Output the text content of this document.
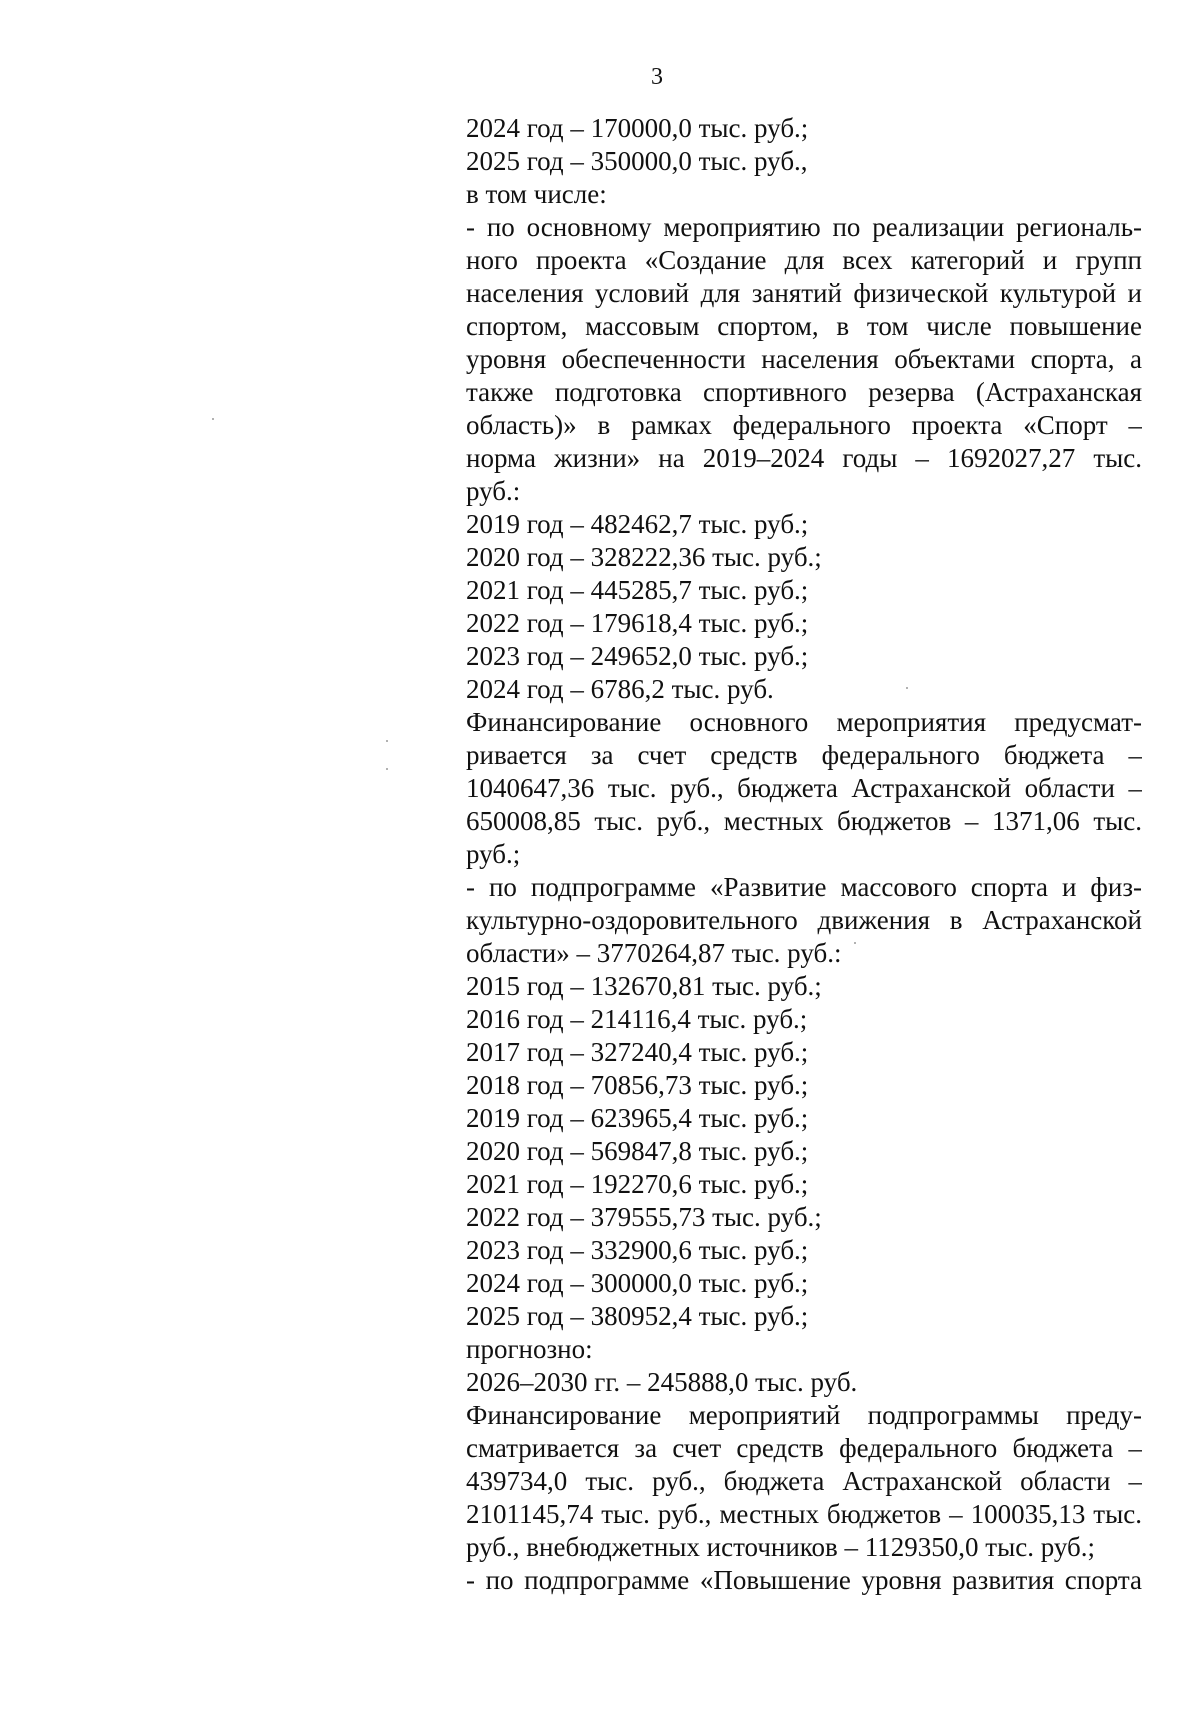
3
2024 год – 170000,0 тыс. руб.;
2025 год – 350000,0 тыс. руб.,
в том числе:
- по основному мероприятию по реализации региональ-
ного проекта «Создание для всех категорий и групп
населения условий для занятий физической культурой и
спортом, массовым спортом, в том числе повышение
уровня обеспеченности населения объектами спорта, а
также подготовка спортивного резерва (Астраханская
область)» в рамках федерального проекта «Спорт –
норма жизни» на 2019–2024 годы – 1692027,27 тыс.
руб.:
2019 год – 482462,7 тыс. руб.;
2020 год – 328222,36 тыс. руб.;
2021 год – 445285,7 тыс. руб.;
2022 год – 179618,4 тыс. руб.;
2023 год – 249652,0 тыс. руб.;
2024 год – 6786,2 тыс. руб.
Финансирование основного мероприятия предусмат-
ривается за счет средств федерального бюджета –
1040647,36 тыс. руб., бюджета Астраханской области –
650008,85 тыс. руб., местных бюджетов – 1371,06 тыс.
руб.;
- по подпрограмме «Развитие массового спорта и физ-
культурно-оздоровительного движения в Астраханской
области» – 3770264,87 тыс. руб.:
2015 год – 132670,81 тыс. руб.;
2016 год – 214116,4 тыс. руб.;
2017 год – 327240,4 тыс. руб.;
2018 год – 70856,73 тыс. руб.;
2019 год – 623965,4 тыс. руб.;
2020 год – 569847,8 тыс. руб.;
2021 год – 192270,6 тыс. руб.;
2022 год – 379555,73 тыс. руб.;
2023 год – 332900,6 тыс. руб.;
2024 год – 300000,0 тыс. руб.;
2025 год – 380952,4 тыс. руб.;
прогнозно:
2026–2030 гг. – 245888,0 тыс. руб.
Финансирование мероприятий подпрограммы преду-
сматривается за счет средств федерального бюджета –
439734,0 тыс. руб., бюджета Астраханской области –
2101145,74 тыс. руб., местных бюджетов – 100035,13 тыс.
руб., внебюджетных источников – 1129350,0 тыс. руб.;
- по подпрограмме «Повышение уровня развития спорта
